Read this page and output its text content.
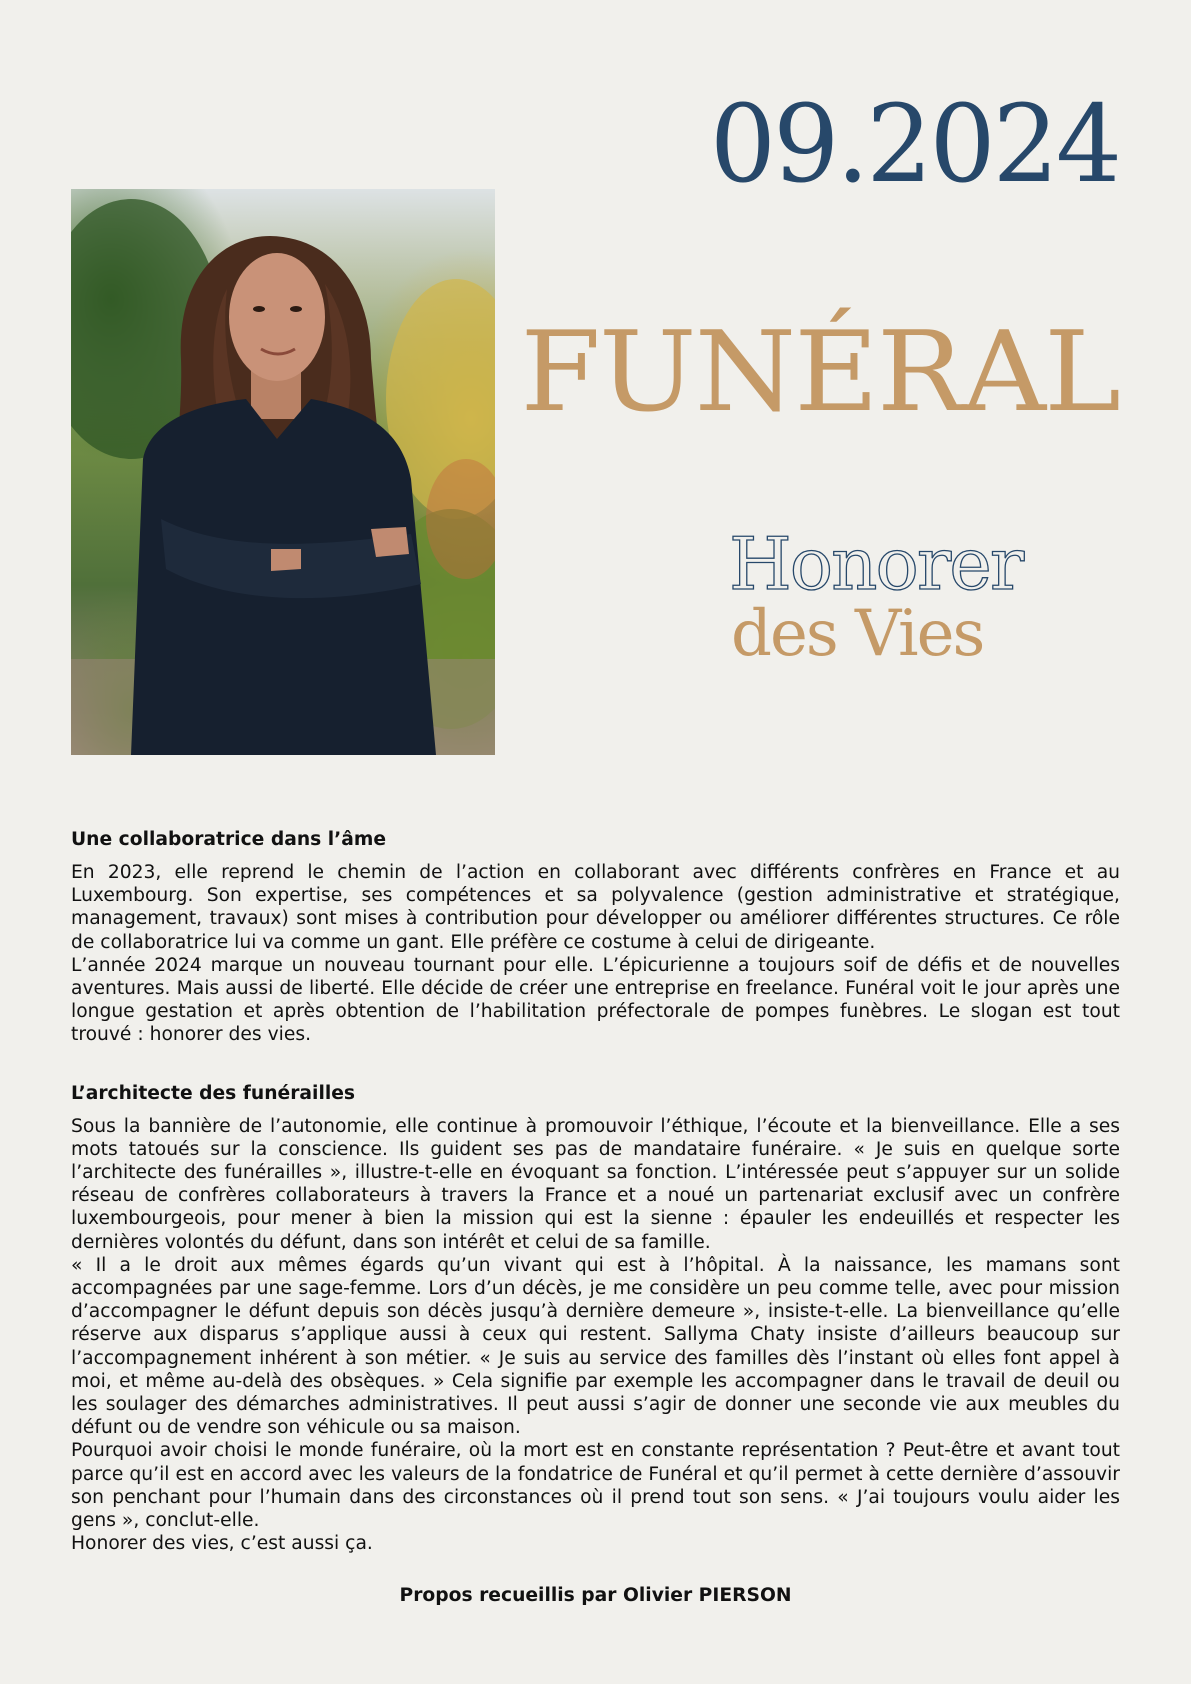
09.2024
FUNÉRAL
Honorer
des Vies
Une collaboratrice dans l’âme

En 2023, elle reprend le chemin de l’action en collaborant avec différents confrères en France et au Luxembourg. Son expertise, ses compétences et sa polyvalence (gestion administrative et stratégique, management, travaux) sont mises à contribution pour développer ou améliorer différentes structures. Ce rôle de collaboratrice lui va comme un gant. Elle préfère ce costume à celui de dirigeante.

L’année 2024 marque un nouveau tournant pour elle. L’épicurienne a toujours soif de défis et de nouvelles aventures. Mais aussi de liberté. Elle décide de créer une entreprise en freelance. Funéral voit le jour après une longue gestation et après obtention de l’habilitation préfectorale de pompes funèbres. Le slogan est tout trouvé : honorer des vies.

L’architecte des funérailles

Sous la bannière de l’autonomie, elle continue à promouvoir l’éthique, l’écoute et la bienveillance. Elle a ses mots tatoués sur la conscience. Ils guident ses pas de mandataire funéraire. « Je suis en quelque sorte l’architecte des funérailles », illustre-t-elle en évoquant sa fonction. L’intéressée peut s’appuyer sur un solide réseau de confrères collaborateurs à travers la France et a noué un partenariat exclusif avec un confrère luxembourgeois, pour mener à bien la mission qui est la sienne : épauler les endeuillés et respecter les dernières volontés du défunt, dans son intérêt et celui de sa famille.

« Il a le droit aux mêmes égards qu’un vivant qui est à l’hôpital. À la naissance, les mamans sont accompagnées par une sage-femme. Lors d’un décès, je me considère un peu comme telle, avec pour mission d’accompagner le défunt depuis son décès jusqu’à dernière demeure », insiste-t-elle. La bienveillance qu’elle réserve aux disparus s’applique aussi à ceux qui restent. Sallyma Chaty insiste d’ailleurs beaucoup sur l’accompagnement inhérent à son métier. « Je suis au service des familles dès l’instant où elles font appel à moi, et même au-delà des obsèques. » Cela signifie par exemple les accompagner dans le travail de deuil ou les soulager des démarches administratives. Il peut aussi s’agir de donner une seconde vie aux meubles du défunt ou de vendre son véhicule ou sa maison.

Pourquoi avoir choisi le monde funéraire, où la mort est en constante représentation ? Peut-être et avant tout parce qu’il est en accord avec les valeurs de la fondatrice de Funéral et qu’il permet à cette dernière d’assouvir son penchant pour l’humain dans des circonstances où il prend tout son sens. « J’ai toujours voulu aider les gens », conclut-elle.

Honorer des vies, c’est aussi ça.

Propos recueillis par Olivier PIERSON
